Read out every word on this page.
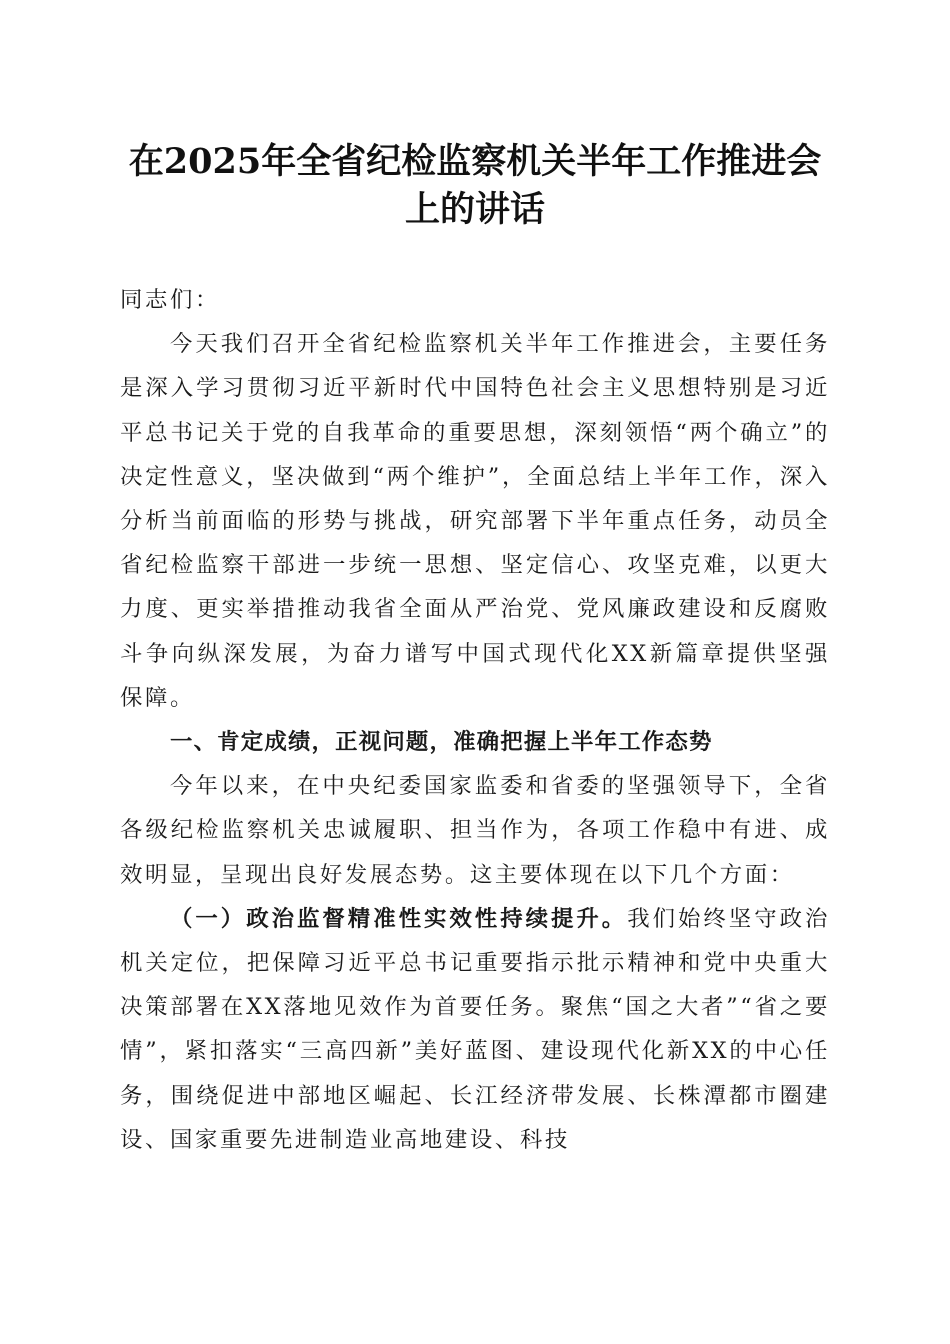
在2025年全省纪检监察机关半年工作推进会
上的讲话

同志们：

今天我们召开全省纪检监察机关半年工作推进会，主要任务是深入学习贯彻习近平新时代中国特色社会主义思想特别是习近平总书记关于党的自我革命的重要思想，深刻领悟“两个确立”的决定性意义，坚决做到“两个维护”，全面总结上半年工作，深入分析当前面临的形势与挑战，研究部署下半年重点任务，动员全省纪检监察干部进一步统一思想、坚定信心、攻坚克难，以更大力度、更实举措推动我省全面从严治党、党风廉政建设和反腐败斗争向纵深发展，为奋力谱写中国式现代化XX新篇章提供坚强保障。

一、肯定成绩，正视问题，准确把握上半年工作态势

今年以来，在中央纪委国家监委和省委的坚强领导下，全省各级纪检监察机关忠诚履职、担当作为，各项工作稳中有进、成效明显，呈现出良好发展态势。这主要体现在以下几个方面：

（一）政治监督精准性实效性持续提升。我们始终坚守政治机关定位，把保障习近平总书记重要指示批示精神和党中央重大决策部署在XX落地见效作为首要任务。聚焦“国之大者”“省之要情”，紧扣落实“三高四新”美好蓝图、建设现代化新XX的中心任务，围绕促进中部地区崛起、长江经济带发展、长株潭都市圈建设、国家重要先进制造业高地建设、科技
